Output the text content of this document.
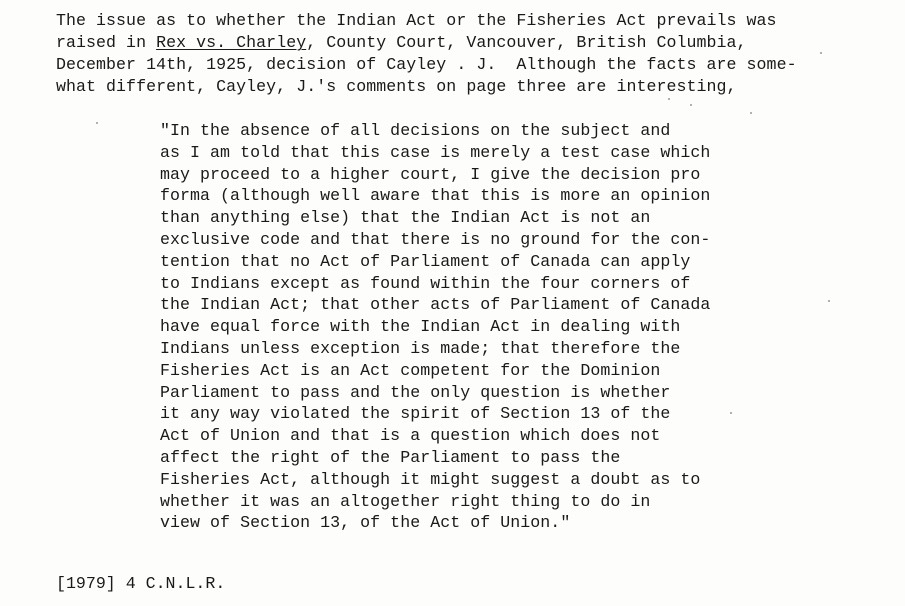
The issue as to whether the Indian Act or the Fisheries Act prevails was
raised in Rex vs. Charley, County Court, Vancouver, British Columbia,
December 14th, 1925, decision of Cayley . J.  Although the facts are some-
what different, Cayley, J.'s comments on page three are interesting,
"In the absence of all decisions on the subject and
as I am told that this case is merely a test case which
may proceed to a higher court, I give the decision pro
forma (although well aware that this is more an opinion
than anything else) that the Indian Act is not an
exclusive code and that there is no ground for the con-
tention that no Act of Parliament of Canada can apply
to Indians except as found within the four corners of
the Indian Act; that other acts of Parliament of Canada
have equal force with the Indian Act in dealing with
Indians unless exception is made; that therefore the
Fisheries Act is an Act competent for the Dominion
Parliament to pass and the only question is whether
it any way violated the spirit of Section 13 of the
Act of Union and that is a question which does not
affect the right of the Parliament to pass the
Fisheries Act, although it might suggest a doubt as to
whether it was an altogether right thing to do in
view of Section 13, of the Act of Union."
[1979] 4 C.N.L.R.
